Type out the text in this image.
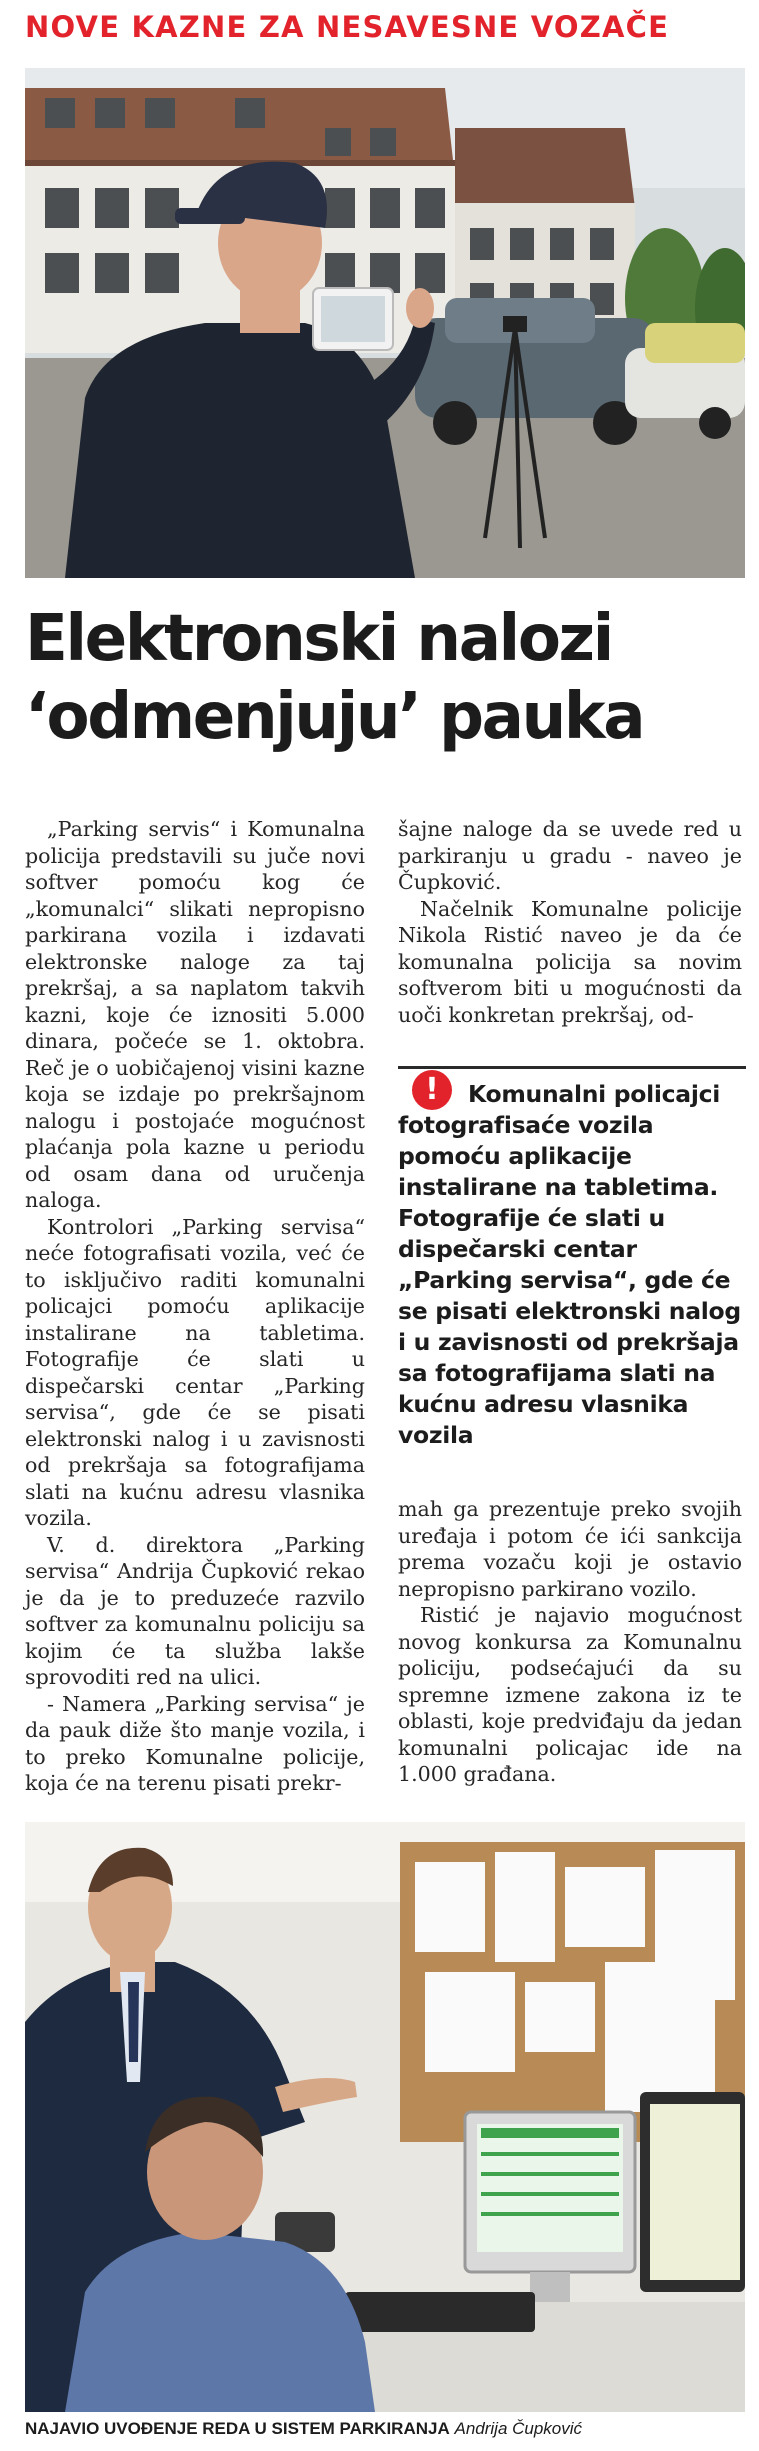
NOVE KAZNE ZA NESAVESNE VOZAČE
Elektronski nalozi
‘odmenjuju’ pauka

„Parking servis“ i Komunalna policija predstavili su juče novi softver pomoću kog će „komunalci“ slikati nepropisno parkirana vozila i izdavati elektronske naloge za taj prekršaj, a sa naplatom takvih kazni, koje će iznositi 5.000 dinara, počeće se 1. oktobra. Reč je o uobičajenoj visini kazne koja se izdaje po prekršajnom nalogu i postojaće mogućnost plaćanja pola kazne u periodu od osam dana od uručenja naloga.

Kontrolori „Parking servisa“ neće fotografisati vozila, već će to isključivo raditi komunalni policajci pomoću aplikacije instalirane na tabletima. Fotografije će slati u dispečarski centar „Parking servisa“, gde će se pisati elektronski nalog i u zavisnosti od prekršaja sa fotografijama slati na kućnu adresu vlasnika vozila.

V. d. direktora „Parking servisa“ Andrija Čupković rekao je da je to preduzeće razvilo softver za komunalnu policiju sa kojim će ta služba lakše sprovoditi red na ulici.

- Namera „Parking servisa“ je da pauk diže što manje vozila, i to preko Komunalne policije, koja će na terenu pisati prekr-

šajne naloge da se uvede red u parkiranju u gradu - naveo je Čupković.

Načelnik Komunalne policije Nikola Ristić naveo je da će komunalna policija sa novim softverom biti u mogućnosti da uoči konkretan prekršaj, od-

!	Komunalni policajci fotografisaće vozila pomoću aplikacije instalirane na tabletima. Fotografije će slati u dispečarski centar „Parking servisa“, gde će se pisati elektronski nalog i u zavisnosti od prekršaja sa fotografijama slati na kućnu adresu vlasnika vozila

mah ga prezentuje preko svojih uređaja i potom će ići sankcija prema vozaču koji je ostavio nepropisno parkirano vozilo.

Ristić je najavio mogućnost novog konkursa za Komunalnu policiju, podsećajući da su spremne izmene zakona iz te oblasti, koje predviđaju da jedan komunalni policajac ide na 1.000 građana.

NAJAVIO UVOĐENJE REDA U SISTEM PARKIRANJA Andrija Čupković
